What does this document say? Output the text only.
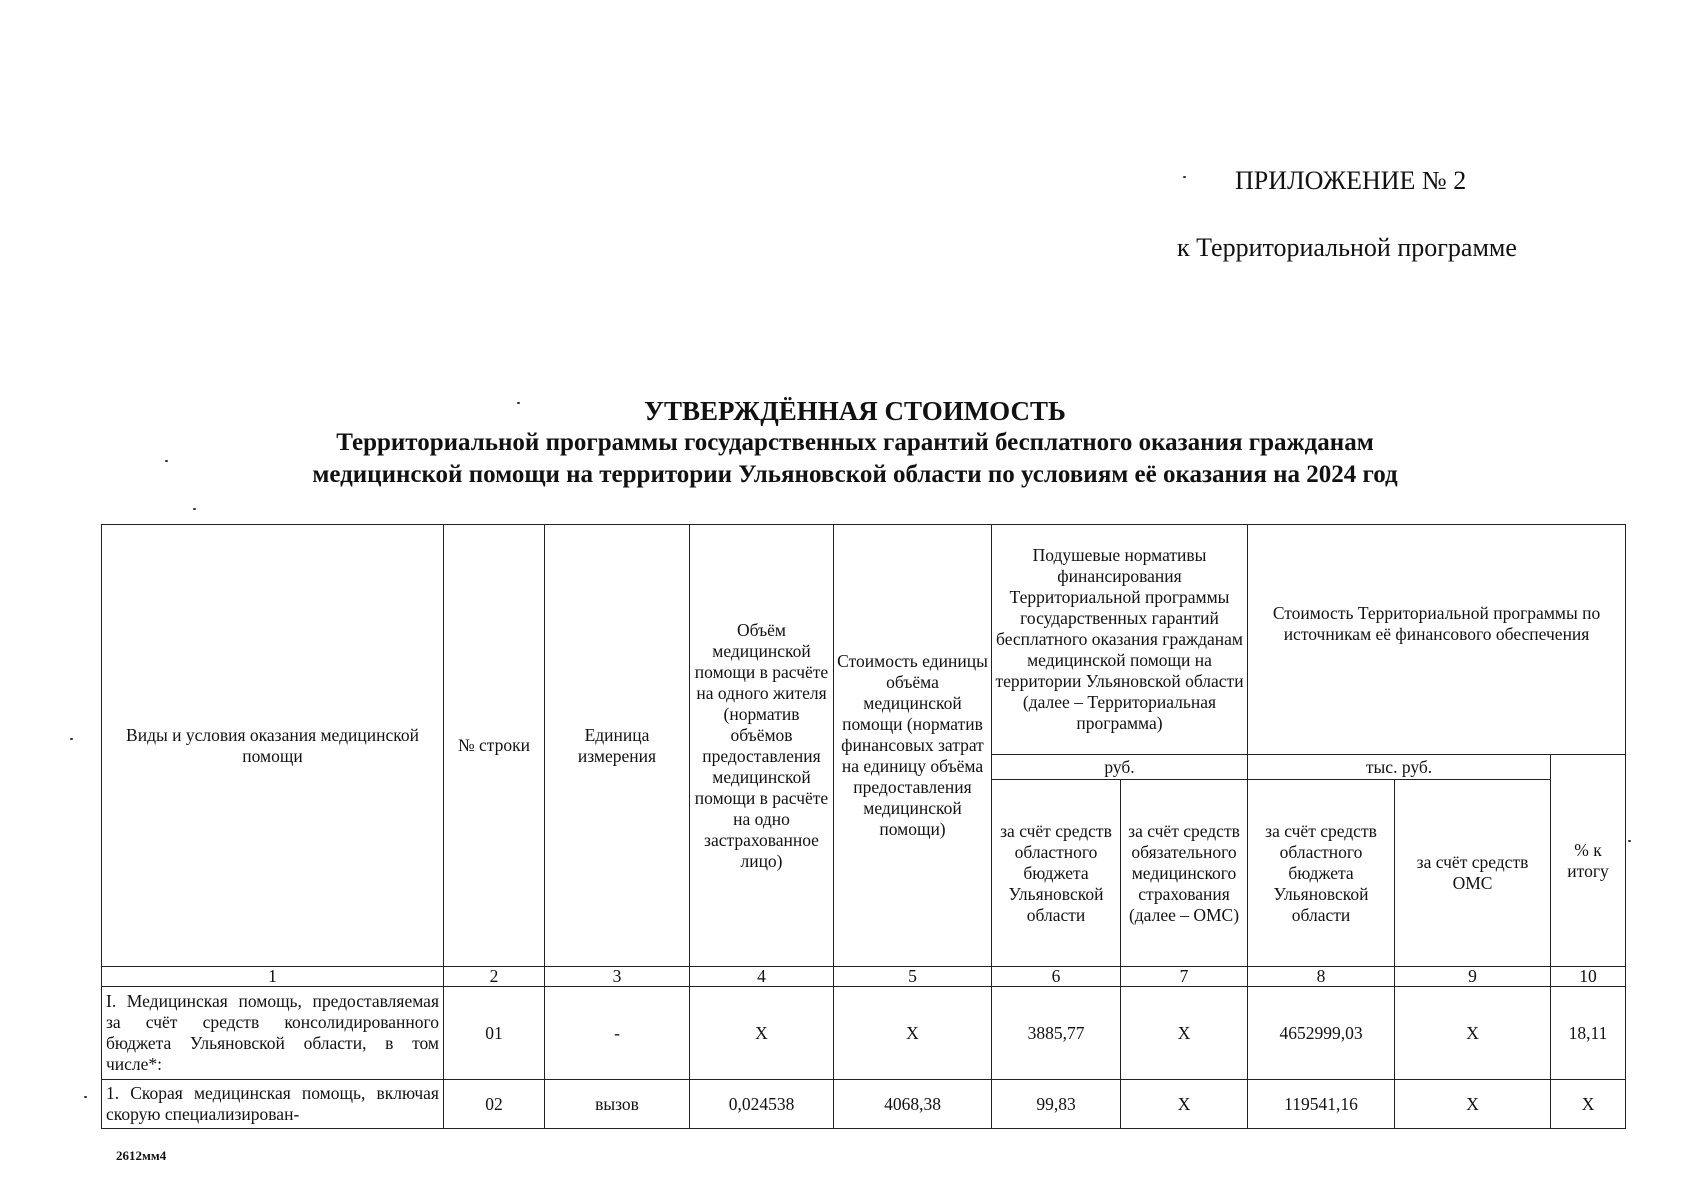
ПРИЛОЖЕНИЕ № 2
к Территориальной программе
УТВЕРЖДЁННАЯ СТОИМОСТЬ
Территориальной программы государственных гарантий бесплатного оказания гражданам
медицинской помощи на территории Ульяновской области по условиям её оказания на 2024 год
Виды и условия оказания медицинской помощи	№ строки	Единица измерения	Объём медицинской помощи в расчёте на одного жителя (норматив объёмов предоставления медицинской помощи в расчёте на одно застрахованное лицо)	Стоимость единицы объёма медицинской помощи (норматив финансовых затрат на единицу объёма предоставления медицинской помощи)	Подушевые нормативы финансирования Территориальной программы государственных гарантий бесплатного оказания гражданам медицинской помощи на территории Ульяновской области (далее – Территориальная программа)		Стоимость Территориальной программы по источникам её финансового обеспечения		
					руб.		тыс. руб.		% к итогу
					за счёт средств областного бюджета Ульяновской области	за счёт средств обязательного медицинского страхования (далее – ОМС)	за счёт средств областного бюджета Ульяновской области	за счёт средств ОМС	
1	2	3	4	5	6	7	8	9	10
I. Медицинская помощь, предоставляемая за счёт средств консолидированного бюджета Ульяновской области, в том числе*:	01	-	X	X	3885,77	X	4652999,03	X	18,11
1. Скорая медицинская помощь, включая скорую специализирован-	02	вызов	0,024538	4068,38	99,83	X	119541,16	X	X
2612мм4
